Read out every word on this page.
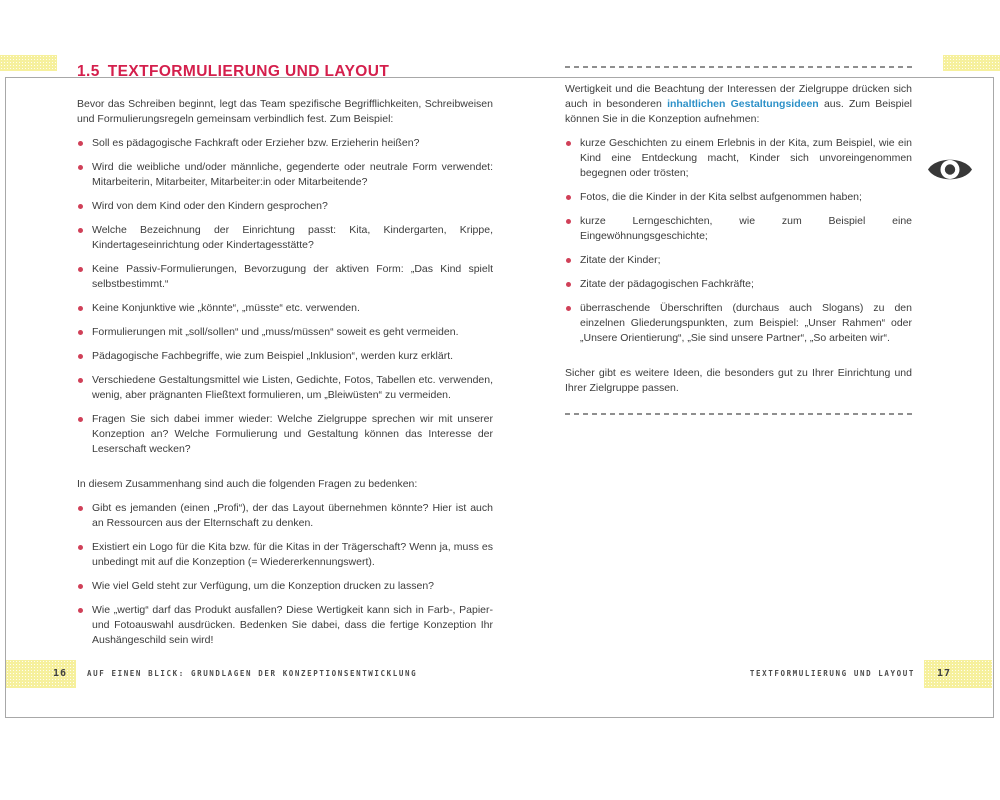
1.5 TEXTFORMULIERUNG UND LAYOUT

Bevor das Schreiben beginnt, legt das Team spezifische Begrifflichkeiten, Schreibweisen und Formulierungsregeln gemeinsam verbindlich fest. Zum Beispiel:

Soll es pädagogische Fachkraft oder Erzieher bzw. Erzieherin heißen?
Wird die weibliche und/oder männliche, gegenderte oder neutrale Form verwendet: Mitarbeiterin, Mitarbeiter, Mitarbeiter:in oder Mitarbeitende?
Wird von dem Kind oder den Kindern gesprochen?
Welche Bezeichnung der Einrichtung passt: Kita, Kindergarten, Krippe, Kindertageseinrichtung oder Kindertagesstätte?
Keine Passiv-Formulierungen, Bevorzugung der aktiven Form: „Das Kind spielt selbstbestimmt.“
Keine Konjunktive wie „könnte“, „müsste“ etc. verwenden.
Formulierungen mit „soll/sollen“ und „muss/müssen“ soweit es geht vermeiden.
Pädagogische Fachbegriffe, wie zum Beispiel „Inklusion“, werden kurz erklärt.
Verschiedene Gestaltungsmittel wie Listen, Gedichte, Fotos, Tabellen etc. verwenden, wenig, aber prägnanten Fließtext formulieren, um „Bleiwüsten“ zu vermeiden.
Fragen Sie sich dabei immer wieder: Welche Zielgruppe sprechen wir mit unserer Konzeption an? Welche Formulierung und Gestaltung können das Interesse der Leserschaft wecken?

In diesem Zusammenhang sind auch die folgenden Fragen zu bedenken:

Gibt es jemanden (einen „Profi“), der das Layout übernehmen könnte? Hier ist auch an Ressourcen aus der Elternschaft zu denken.
Existiert ein Logo für die Kita bzw. für die Kitas in der Trägerschaft? Wenn ja, muss es unbedingt mit auf die Konzeption (= Wiedererkennungswert).
Wie viel Geld steht zur Verfügung, um die Konzeption drucken zu lassen?
Wie „wertig“ darf das Produkt ausfallen? Diese Wertigkeit kann sich in Farb-, Papier- und Fotoauswahl ausdrücken. Bedenken Sie dabei, dass die fertige Konzeption Ihr Aushängeschild sein wird!

Wertigkeit und die Beachtung der Interessen der Zielgruppe drücken sich auch in besonderen inhaltlichen Gestaltungsideen aus. Zum Beispiel können Sie in die Konzeption aufnehmen:

kurze Geschichten zu einem Erlebnis in der Kita, zum Beispiel, wie ein Kind eine Entdeckung macht, Kinder sich unvoreingenommen begegnen oder trösten;
Fotos, die die Kinder in der Kita selbst aufgenommen haben;
kurze Lerngeschichten, wie zum Beispiel eine Eingewöhnungsgeschichte;
Zitate der Kinder;
Zitate der pädagogischen Fachkräfte;
überraschende Überschriften (durchaus auch Slogans) zu den einzelnen Gliederungspunkten, zum Beispiel: „Unser Rahmen“ oder „Unsere Orientierung“, „Sie sind unsere Partner“, „So arbeiten wir“.

Sicher gibt es weitere Ideen, die besonders gut zu Ihrer Einrichtung und Ihrer Zielgruppe passen.

16	AUF EINEN BLICK: GRUNDLAGEN DER KONZEPTIONSENTWICKLUNG	TEXTFORMULIERUNG UND LAYOUT	17
